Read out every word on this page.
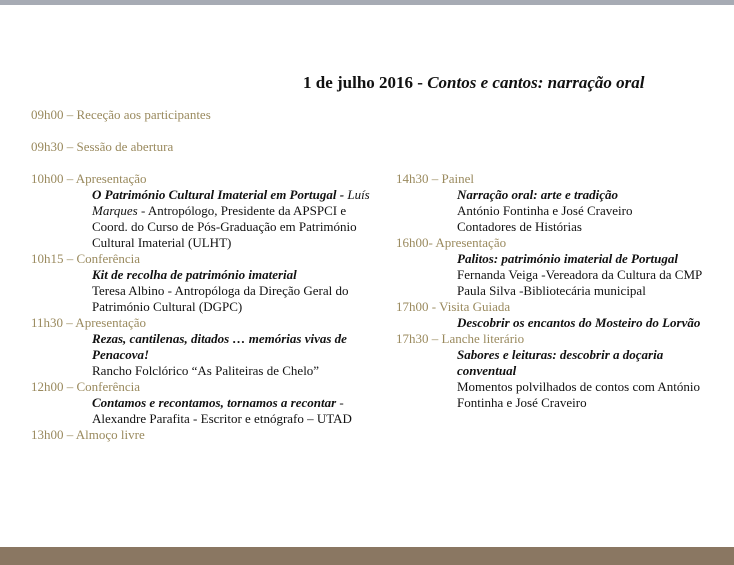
1 de julho 2016 - Contos e cantos: narração oral
09h00 – Receção aos participantes
09h30 – Sessão de abertura
10h00 – Apresentação
O Património Cultural Imaterial em Portugal - Luís Marques - Antropólogo, Presidente da APSPCI e Coord. do Curso de Pós-Graduação em Património Cultural Imaterial (ULHT)
10h15 – Conferência
Kit de recolha de património imaterial
Teresa Albino - Antropóloga da Direção Geral do Património Cultural (DGPC)
11h30 – Apresentação
Rezas, cantilenas, ditados … memórias vivas de Penacova!
Rancho Folclórico “As Paliteiras de Chelo”
12h00 – Conferência
Contamos e recontamos, tornamos a recontar - Alexandre Parafita - Escritor e etnógrafo – UTAD
13h00 – Almoço livre
14h30 – Painel
Narração oral: arte e tradição
António Fontinha e José Craveiro
Contadores de Histórias
16h00- Apresentação
Palitos: património imaterial de Portugal
Fernanda Veiga -Vereadora da Cultura da CMP
Paula Silva -Bibliotecária municipal
17h00 - Visita Guiada
Descobrir os encantos do Mosteiro do Lorvão
17h30 – Lanche literário
Sabores e leituras: descobrir a doçaria conventual
Momentos polvilhados de contos com António Fontinha e José Craveiro
